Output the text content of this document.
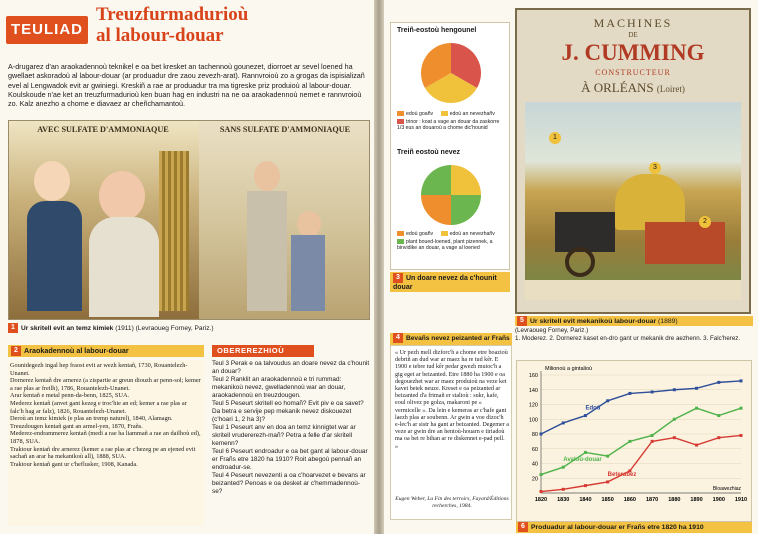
TEULIAD
Treuzfurmadurioù
al labour-douar

A-drugarez d'an araokadennoù teknikel e oa bet kresket an tachennoù gounezet, diorroet ar sevel loened ha gwellaet askoradoù al labour-douar (ar produadur dre zaou zevezh-arat). Rannvroioù zo a grogas da ispisializañ evel al Lengwadok evit ar gwiniegi. Kreskiñ a rae ar produadur tra ma tigreske priz produioù al labour-douar.

Koulskoude n'ae ket an treuzfurmadurioù ken buan hag en industri na ne oa araokadennoù nemet e rannvroioù zo. Kalz anezho a chome e diavaez ar cheñchamantoù.

AVEC SULFATE D'AMMONIAQUE	SANS SULFATE D'AMMONIAQUE
1 Ur skritell evit an temz kimiek (1911) (Levraoueg Forney, Pariz.)
2 Araokadennoù al labour-douar

Gounidegezh ingal hep fraost evit ar wezh kentañ, 1730, Rouantelezh-Unanet.

Dornerez kentañ dre arnerez (a zispartie ar greun diouzh ar penn-sol; kemer a rae plas ar freilh), 1786, Rouantelezh-Unanet.

Arar kentañ e metal penn-da-benn, 1825, SUA.

Mederez kentañ (anvet gant kezeg e troc'hie an ed; kemer a rae plas ar falc'h hag ar falz), 1826, Rouantelezh-Unanet.

Deroù an temz kimiek (e plas an tremp naturel), 1840, Alamagn.

Treuzdougen kentañ gant an armel-yen, 1870, Frañs.

Mederez-endrammerez kentañ (medi a rae ha liammañ a rae an dailhoù ed), 1878, SUA.

Traktour kentañ dre arnerez (kemer a rae plas ar c'hezeg pe an ejened evit sachañ an arar ha mekanikoù all), 1888, SUA.

Traktour kentañ gant ur c'heflusker, 1908, Kanada.

OBEREREZHIOÙ

Teul 3 Perak e oa talvoudus an doare nevez da c'hounit an douar?

Teul 2 Ranklit an araokadennoù e tri rummad: mekanikoù nevez, gwelladennoù war an douar, araokadennoù en treuzdougen.

Teul 5 Peseurt skritell eo homañ? Evit piv e oa savet? Da betra e servije pep mekanik nevez diskouezet (c'hoari 1, 2 ha 3)?

Teul 1 Peseurt anv en doa an temz kinnigtet war ar skritell vrudererezh-mañ? Petra a felle d'ar skritell kemenn?

Teul 6 Peseurt endroadur e oa bet gant al labour-douar er Frañs etre 1820 ha 1910? Roit abegoù pennañ an endroadur-se.

Teul 4 Peseurt nevezenti a oa c'hoarvezet e bevans ar beizanted? Penoas e oa desket ar c'hemmadennoù-se?

Treiñ-eostoù hengounel
edoù goañv	edoù an nevezhañv
trinor : koat a vage an douar da zaskorre 1/3 eus an douaroù a chome dic'hounid
Treiñ eostoù nevez
edoù goañv	edoù an nevezhañv
plant boued-loened, plant pizennek, a binvidike an douar, a vage al loened
3 Un doare nevez da c'hounit douar
MACHINES
DE
J. CUMMING
CONSTRUCTEUR
À ORLÉANS (Loiret)
1
3
2
5 Ur skritell evit mekanikoù labour-douar (1889)
(Levraoueg Forney, Pariz.)
1. Moderez. 2. Dornerez kaset en-dro gant ur mekanik dre aezhenn. 3. Falc'herez.
4 Bevañs nevez peizanted ar Frañs
« Ur pezh mell dizforc'h a chome etre boazioù debriñ an dud war ar maez ha re tud kêr. E 1900 e tebre tud kêr pedar gwezh muioc'h a gig eget ar beizanted. Etre 1880 ha 1900 e oa degouezhet war ar maez produioù na veze ket kavet betek neuze. Kreset e oa peizanted ar beizanted d'a frimañ er stalioù : sukr, kafe, eoul olivez pe golza, makaroni pe « vermicelle ». Da lein e kemeras ar c'hafe gant laezh plas ar soubenn. Ar gwin a voe dizoc'h e-lec'h ar sistr ha gant ar beizanted. Degemer a veze ar gwin dre an hentoù-houarn e tiriadoù ma oa bet re bihan ar re diskennet e-pad pell. »
Eugen Weber, La Fin des terroirs, Fayard/Éditions recherches, 1984.
20
40
60
80
100
120
140
160
1820 1830 1840 1850 1860 1870 1880 1890 1900 1910
Milionoù a gintalioù
Bloawezhiaz
Edoù
Avaloù-douar
Beterabez
6 Produadur al labour-douar er Frañs etre 1820 ha 1910
